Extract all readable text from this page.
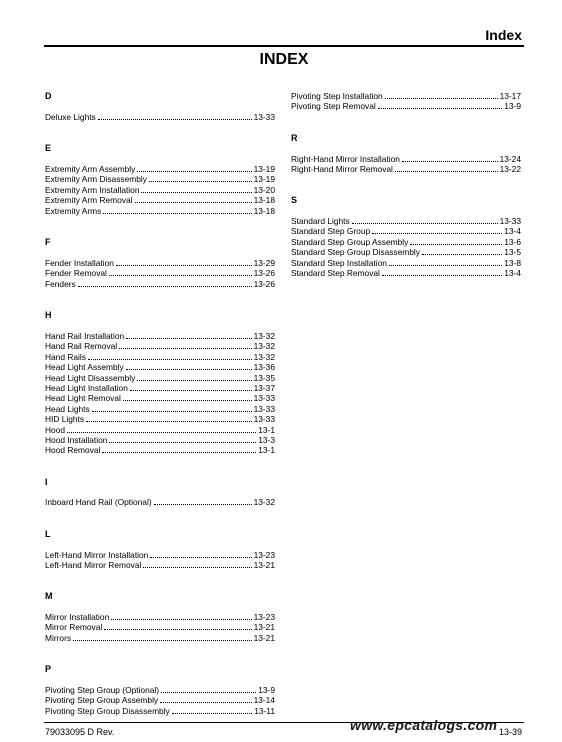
Index
INDEX
D
Deluxe Lights	13-33
E
Extremity Arm Assembly	13-19
Extremity Arm Disassembly	13-19
Extremity Arm Installation	13-20
Extremity Arm Removal	13-18
Extremity Arms	13-18
F
Fender Installation	13-29
Fender Removal	13-26
Fenders	13-26
H
Hand Rail Installation	13-32
Hand Rail Removal	13-32
Hand Rails	13-32
Head Light Assembly	13-36
Head Light Disassembly	13-35
Head Light Installation	13-37
Head Light Removal	13-33
Head Lights	13-33
HID Lights	13-33
Hood	13-1
Hood Installation	13-3
Hood Removal	13-1
I
Inboard Hand Rail (Optional)	13-32
L
Left-Hand Mirror Installation	13-23
Left-Hand Mirror Removal	13-21
M
Mirror Installation	13-23
Mirror Removal	13-21
Mirrors	13-21
P
Pivoting Step Group (Optional)	13-9
Pivoting Step Group Assembly	13-14
Pivoting Step Group Disassembly	13-11
Pivoting Step Installation	13-17
Pivoting Step Removal	13-9
R
Right-Hand Mirror Installation	13-24
Right-Hand Mirror Removal	13-22
S
Standard Lights	13-33
Standard Step Group	13-4
Standard Step Group Assembly	13-6
Standard Step Group Disassembly	13-5
Standard Step Installation	13-8
Standard Step Removal	13-4
79033095 D Rev.	www.epcatalogs.com 13-39
